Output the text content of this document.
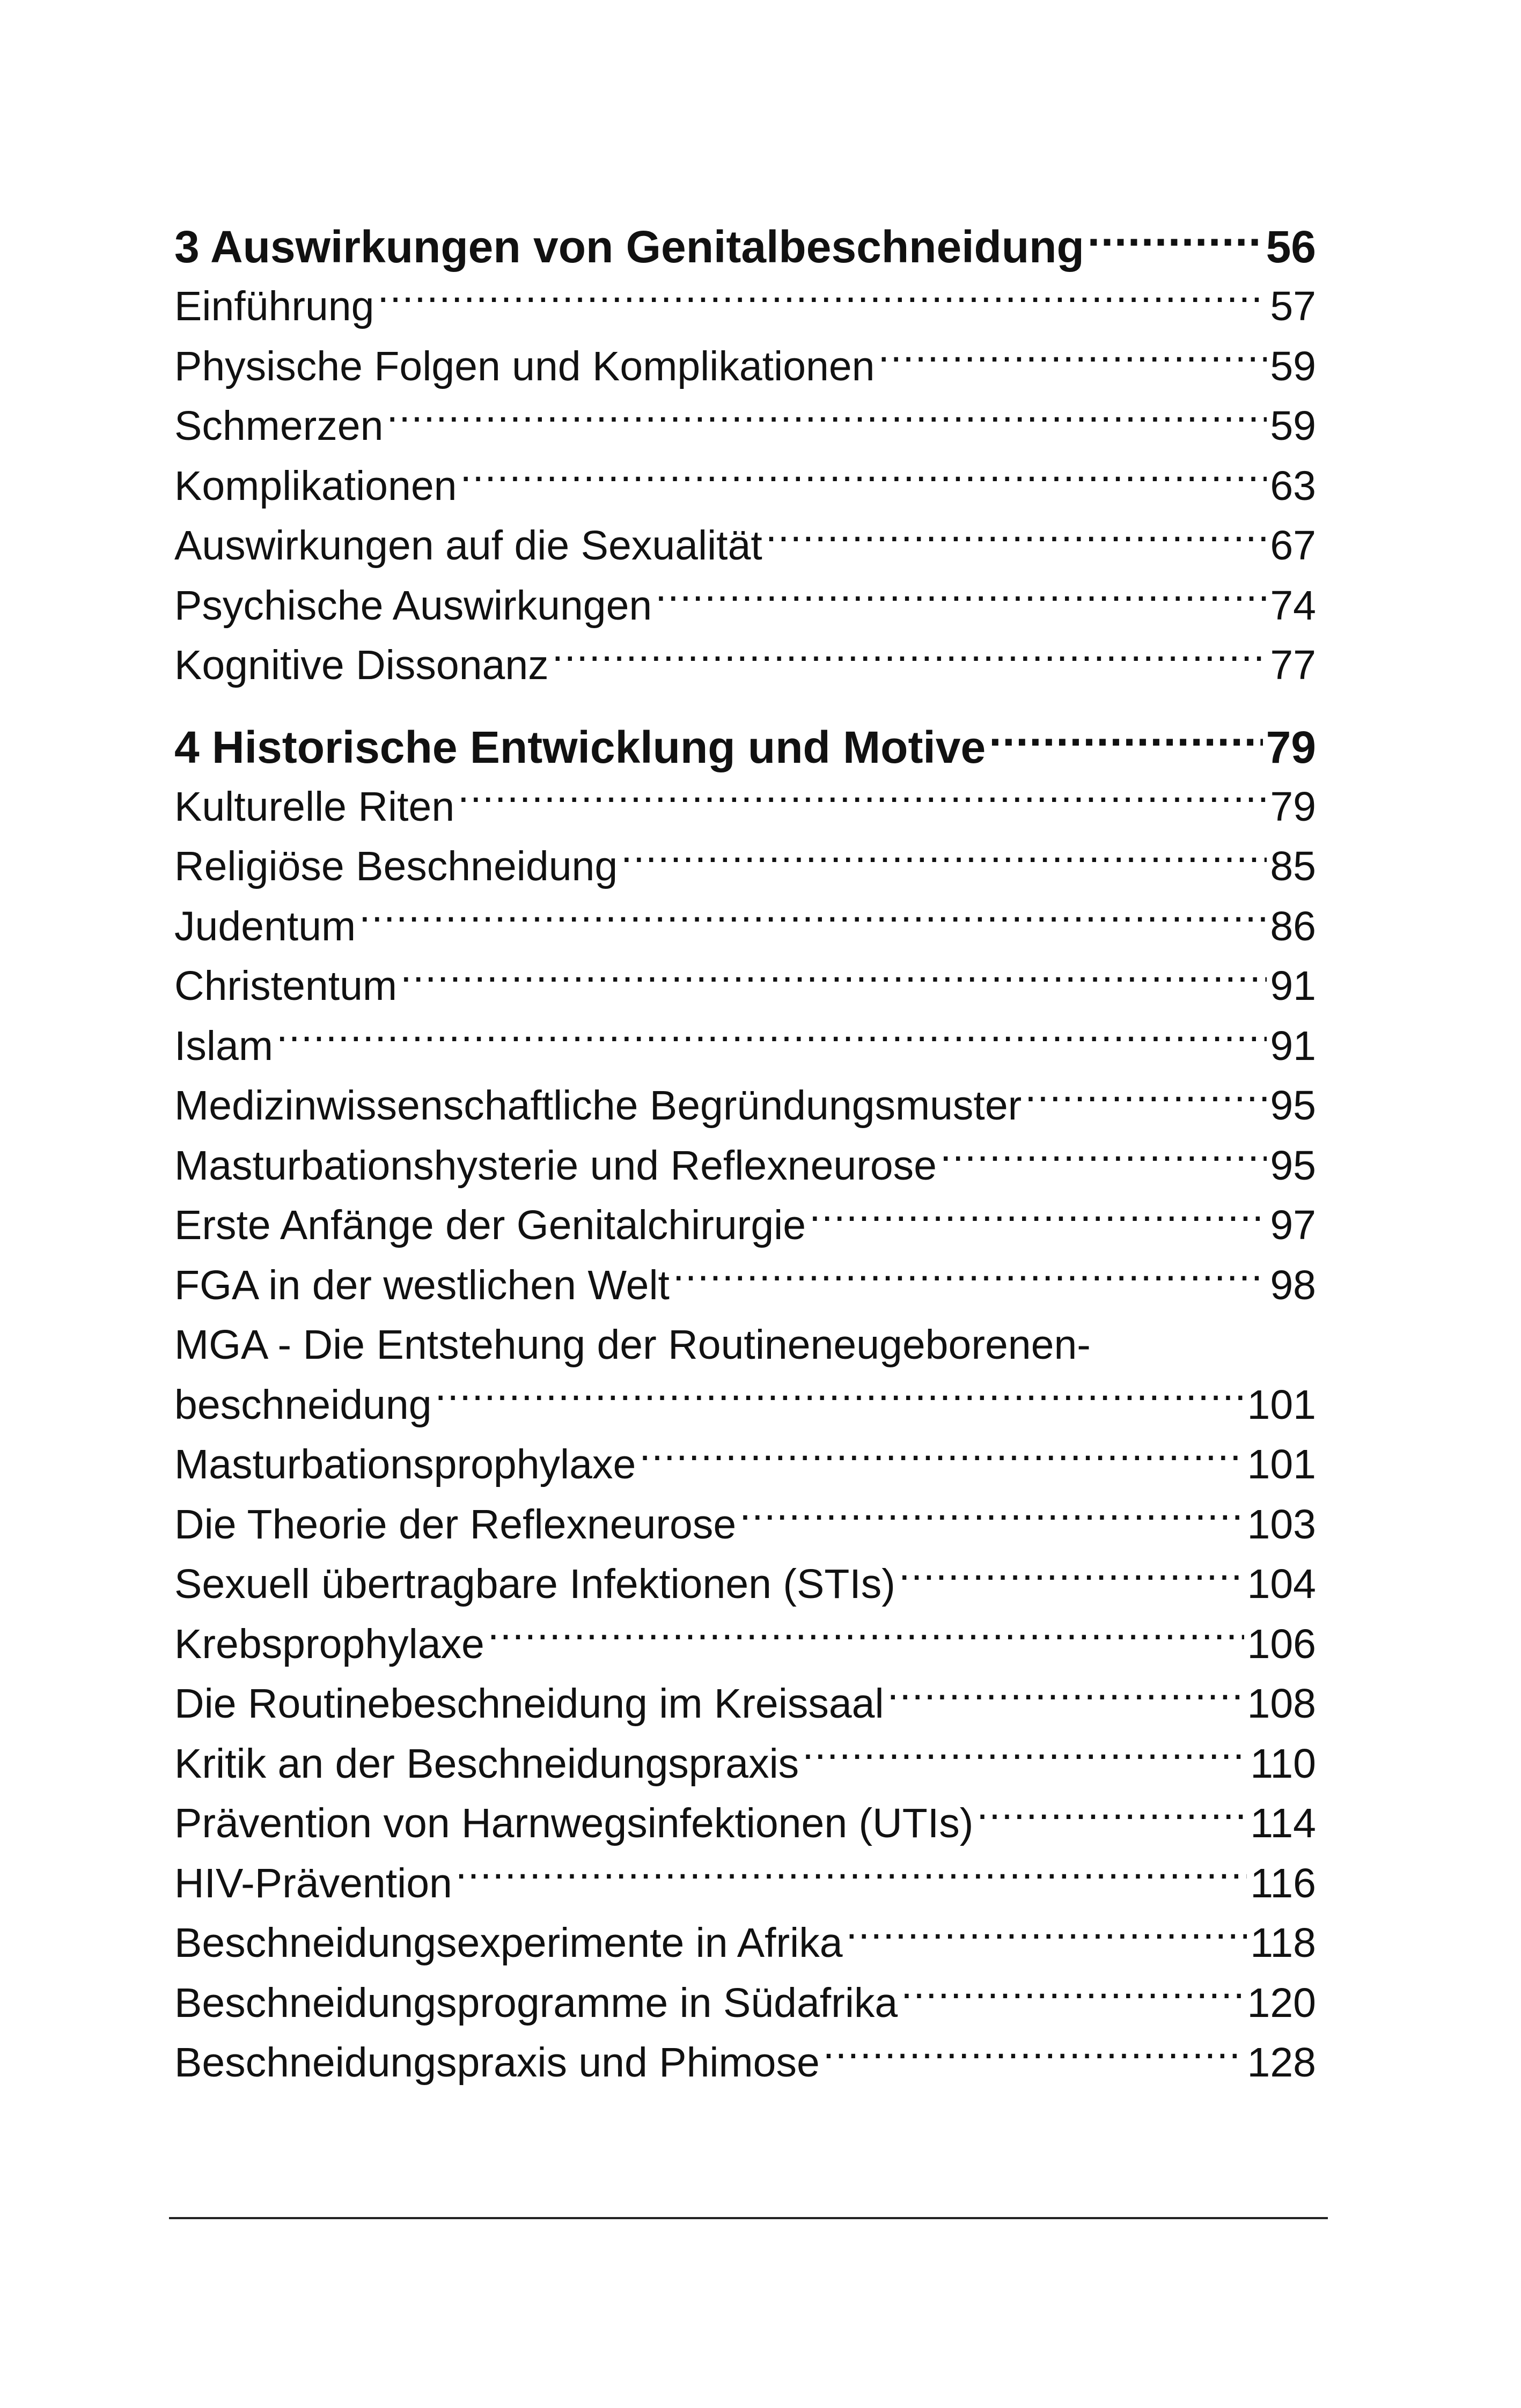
3 Auswirkungen von Genitalbeschneidung .....	56
Einführung .....	57
Physische Folgen und Komplikationen .....	59
Schmerzen .....	59
Komplikationen .....	63
Auswirkungen auf die Sexualität .....	67
Psychische Auswirkungen .....	74
Kognitive Dissonanz .....	77
4 Historische Entwicklung und Motive .....	79
Kulturelle Riten .....	79
Religiöse Beschneidung .....	85
Judentum .....	86
Christentum .....	91
Islam .....	91
Medizinwissenschaftliche Begründungsmuster .....	95
Masturbationshysterie und Reflexneurose .....	95
Erste Anfänge der Genitalchirurgie .....	97
FGA in der westlichen Welt .....	98
MGA - Die Entstehung der Routineneugeborenen-
beschneidung .....	101
Masturbationsprophylaxe .....	101
Die Theorie der Reflexneurose .....	103
Sexuell übertragbare Infektionen (STIs) .....	104
Krebsprophylaxe .....	106
Die Routinebeschneidung im Kreissaal .....	108
Kritik an der Beschneidungspraxis .....	110
Prävention von Harnwegsinfektionen (UTIs) .....	114
HIV-Prävention .....	116
Beschneidungsexperimente in Afrika .....	118
Beschneidungsprogramme in Südafrika .....	120
Beschneidungspraxis und Phimose .....	128
